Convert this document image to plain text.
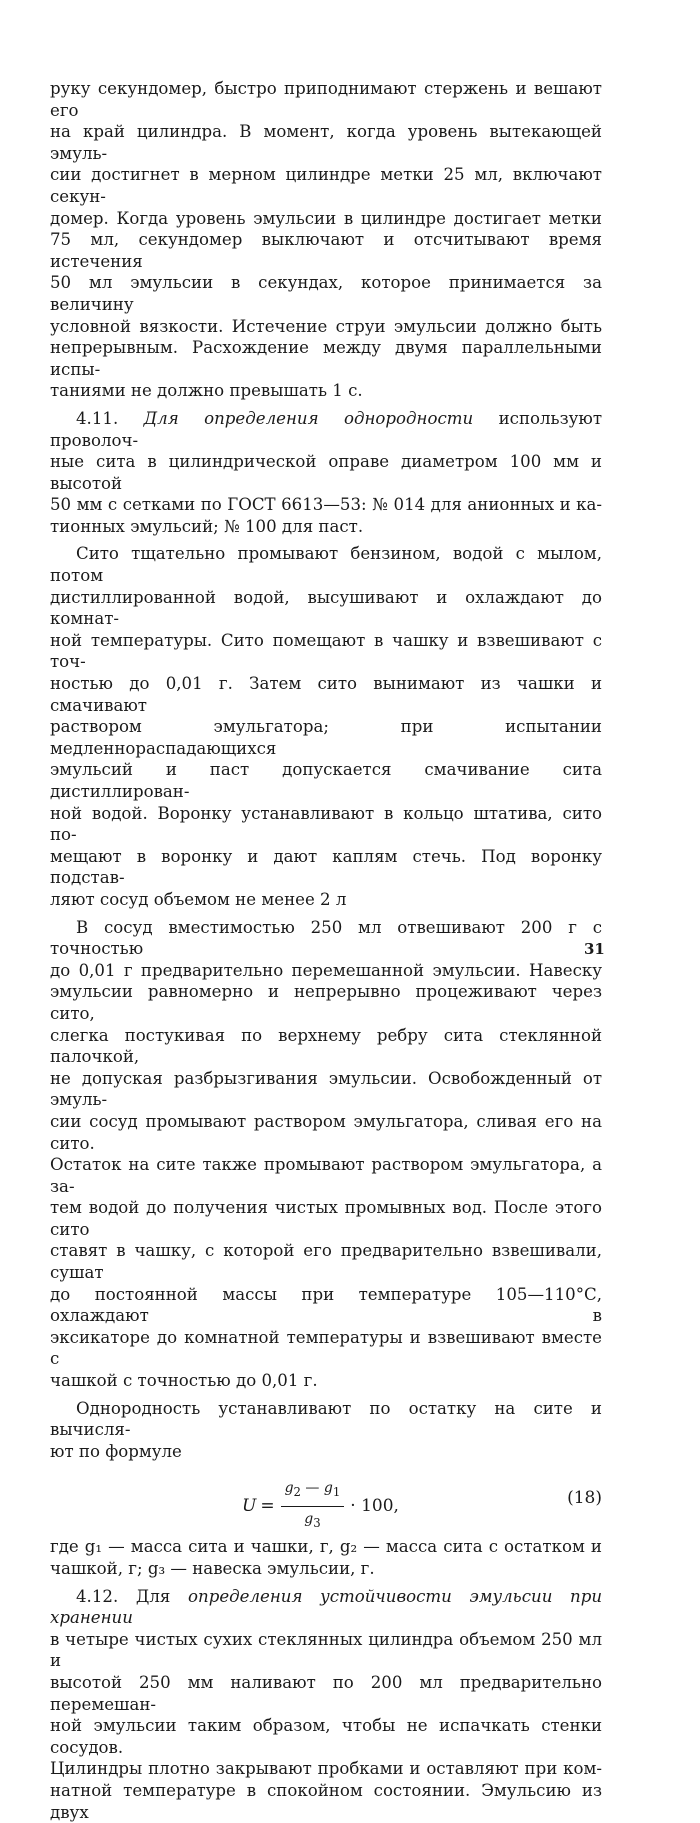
руку секундомер, быстро приподнимают стержень и вешают его

на край цилиндра. В момент, когда уровень вытекающей эмуль-

сии достигнет в мерном цилиндре метки 25 мл, включают секун-

домер. Когда уровень эмульсии в цилиндре достигает метки

75 мл, секундомер выключают и отсчитывают время истечения

50 мл эмульсии в секундах, которое принимается за величину

условной вязкости. Истечение струи эмульсии должно быть

непрерывным. Расхождение между двумя параллельными испы-

таниями не должно превышать 1 с.

4.11. Для определения однородности используют проволоч-

ные сита в цилиндрической оправе диаметром 100 мм и высотой

50 мм с сетками по ГОСТ 6613—53: № 014 для анионных и ка-

тионных эмульсий; № 100 для паст.

Сито тщательно промывают бензином, водой с мылом, потом

дистиллированной водой, высушивают и охлаждают до комнат-

ной температуры. Сито помещают в чашку и взвешивают с точ-

ностью до 0,01 г. Затем сито вынимают из чашки и смачивают

раствором эмульгатора; при испытании медленнораспадающихся

эмульсий и паст допускается смачивание сита дистиллирован-

ной водой. Воронку устанавливают в кольцо штатива, сито по-

мещают в воронку и дают каплям стечь. Под воронку подстав-

ляют сосуд объемом не менее 2 л

В сосуд вместимостью 250 мл отвешивают 200 г с точностью

до 0,01 г предварительно перемешанной эмульсии. Навеску

эмульсии равномерно и непрерывно процеживают через сито,

слегка постукивая по верхнему ребру сита стеклянной палочкой,

не допуская разбрызгивания эмульсии. Освобожденный от эмуль-

сии сосуд промывают раствором эмульгатора, сливая его на сито.

Остаток на сите также промывают раствором эмульгатора, а за-

тем водой до получения чистых промывных вод. После этого сито

ставят в чашку, с которой его предварительно взвешивали, сушат

до постоянной массы при температуре 105—110°С, охлаждают в

эксикаторе до комнатной температуры и взвешивают вместе с

чашкой с точностью до 0,01 г.

Однородность устанавливают по остатку на сите и вычисля-

ют по формуле

$U = \frac{g_2 — g_1}{g_3} \cdot 100$,	(18)

где g₁ — масса сита и чашки, г, g₂ — масса сита с остатком и

чашкой, г; g₃ — навеска эмульсии, г.

4.12. Для определения устойчивости эмульсии при хранении

в четыре чистых сухих стеклянных цилиндра объемом 250 мл и

высотой 250 мм наливают по 200 мл предварительно перемешан-

ной эмульсии таким образом, чтобы не испачкать стенки сосудов.

Цилиндры плотно закрывают пробками и оставляют при ком-

натной температуре в спокойном состоянии. Эмульсию из двух

31
